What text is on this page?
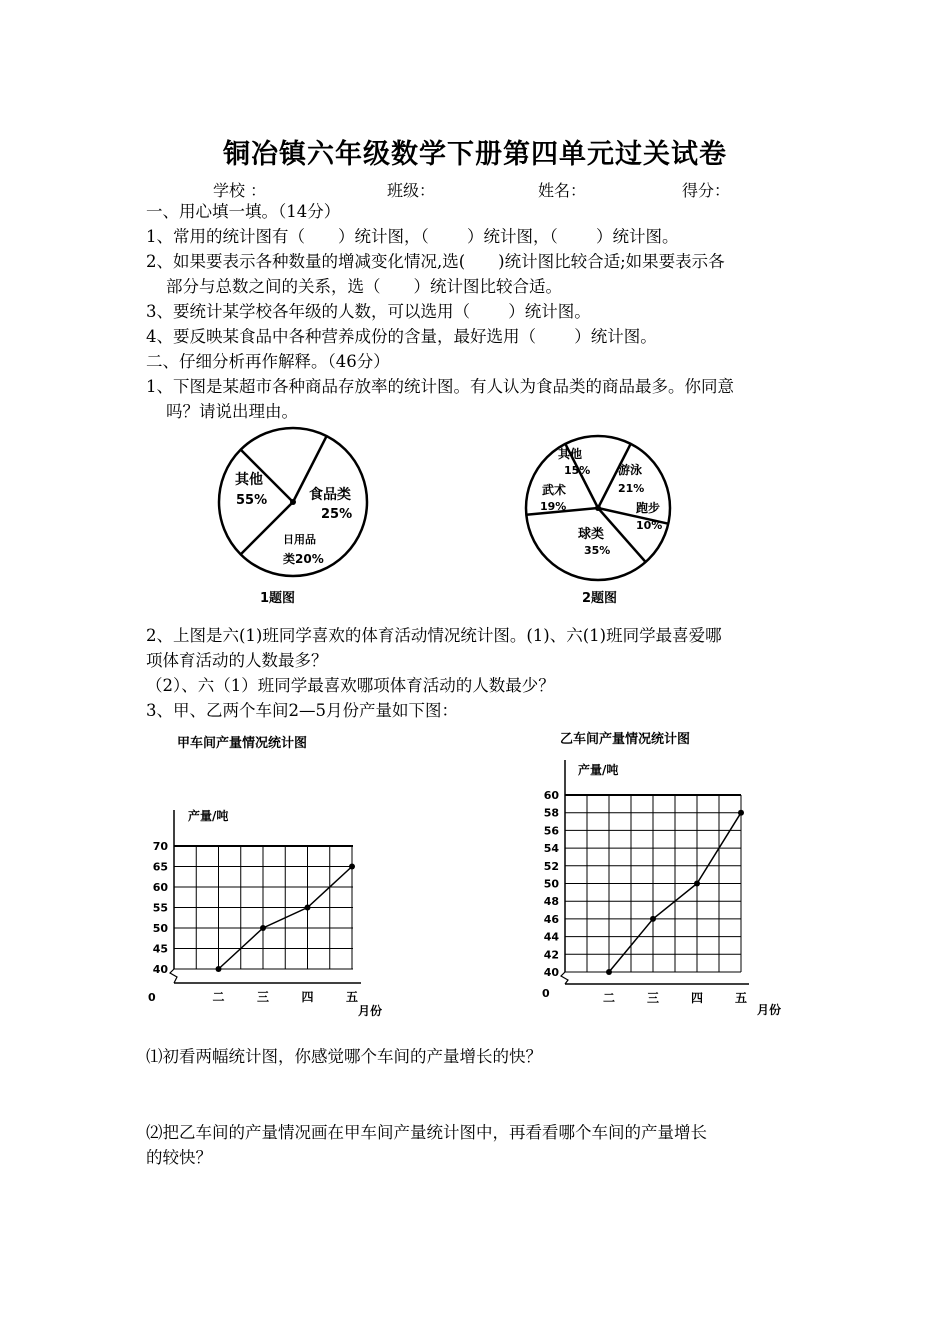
铜冶镇六年级数学下册第四单元过关试卷
学校 ：	班级：	姓名：	得分：
一、用心填一填。（14分）
1、常用的统计图有（　　）统计图，（　　 ）统计图，（　　 ）统计图。
2、如果要表示各种数量的增减变化情况,选(　　)统计图比较合适;如果要表示各
部分与总数之间的关系，选（　　）统计图比较合适。
3、要统计某学校各年级的人数，可以选用（　　 ）统计图。
4、要反映某食品中各种营养成份的含量，最好选用（　　 ）统计图。
二、仔细分析再作解释。（46分）
1、下图是某超市各种商品存放率的统计图。有人认为食品类的商品最多。你同意
吗？请说出理由。
其他
55%	食品类
25%
日用品
类20%
1题图
其他
15% 游泳
21%
跑步
10%
球类
35%
武术
19%
2题图
2、上图是六(1)班同学喜欢的体育活动情况统计图。(1)、六(1)班同学最喜爱哪
项体育活动的人数最多？
（2）、六（1）班同学最喜欢哪项体育活动的人数最少？
3、甲、乙两个车间2—5月份产量如下图：
甲车间产量情况统计图
产量/吨
月份
0
40
45
50
55
60
65
70
二	三	四	五
乙车间产量情况统计图
产量/吨
月份
0
40
42
44
46
48
50
52
54
56
58
60
二	三	四	五
⑴初看两幅统计图，你感觉哪个车间的产量增长的快？
⑵把乙车间的产量情况画在甲车间产量统计图中，再看看哪个车间的产量增长
的较快？
